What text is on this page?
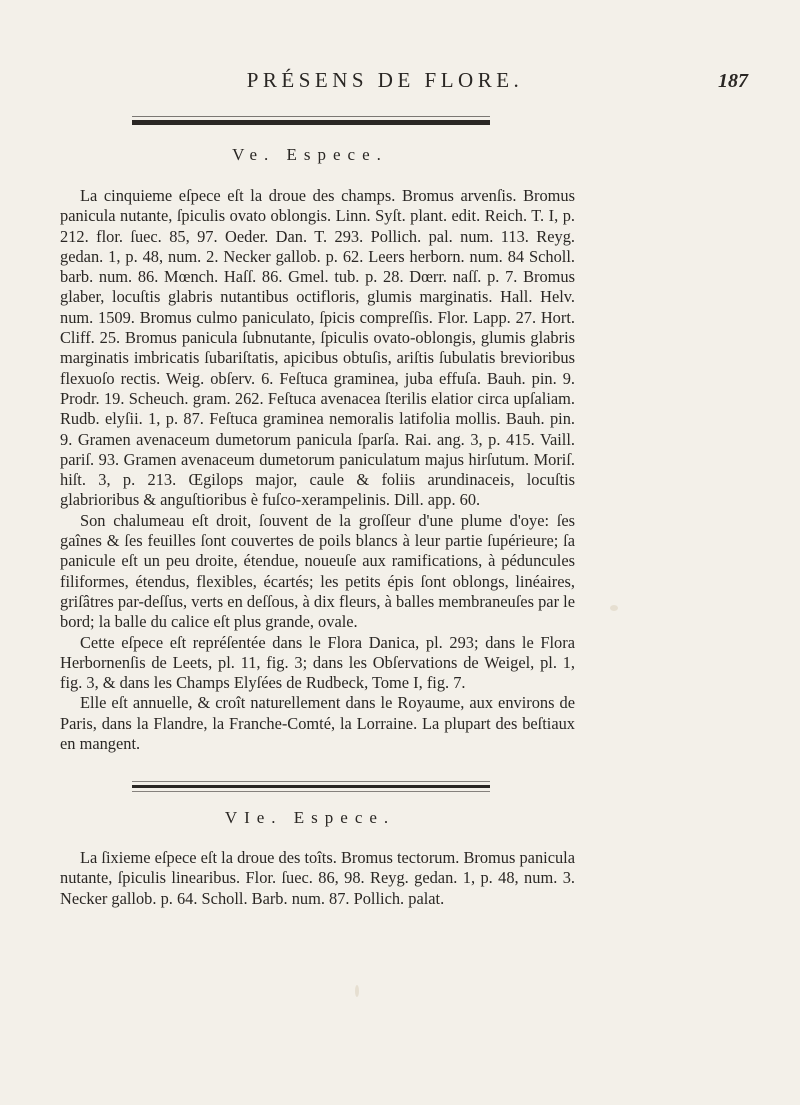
PRÉSENS DE FLORE.	187
Ve. Espece.

La cinquieme eſpece eſt la droue des champs. Bromus arvenſis. Bromus panicula nutante, ſpiculis ovato oblongis. Linn. Syſt. plant. edit. Reich. T. I, p. 212. flor. ſuec. 85, 97. Oeder. Dan. T. 293. Pollich. pal. num. 113. Reyg. gedan. 1, p. 48, num. 2. Necker gallob. p. 62. Leers herborn. num. 84 Scholl. barb. num. 86. Mœnch. Haſſ. 86. Gmel. tub. p. 28. Dœrr. naſſ. p. 7. Bromus glaber, locuſtis glabris nutantibus octifloris, glumis marginatis. Hall. Helv. num. 1509. Bromus culmo paniculato, ſpicis compreſſis. Flor. Lapp. 27. Hort. Cliff. 25. Bromus panicula ſubnutante, ſpiculis ovato-oblongis, glumis glabris marginatis imbricatis ſubariſtatis, apicibus obtuſis, ariſtis ſubulatis brevioribus flexuoſo rectis. Weig. obſerv. 6. Feſtuca graminea, juba effuſa. Bauh. pin. 9. Prodr. 19. Scheuch. gram. 262. Feſtuca avenacea ſterilis elatior circa upſaliam. Rudb. elyſii. 1, p. 87. Feſtuca graminea nemoralis latifolia mollis. Bauh. pin. 9. Gramen avenaceum dumetorum panicula ſparſa. Rai. ang. 3, p. 415. Vaill. pariſ. 93. Gramen avenaceum dumetorum paniculatum majus hirſutum. Moriſ. hiſt. 3, p. 213. Œgilops major, caule & foliis arundinaceis, locuſtis glabrioribus & anguſtioribus è fuſco-xerampelinis. Dill. app. 60.

Son chalumeau eſt droit, ſouvent de la groſſeur d'une plume d'oye: ſes gaînes & ſes feuilles ſont couvertes de poils blancs à leur partie ſupérieure; ſa panicule eſt un peu droite, étendue, noueuſe aux ramifications, à péduncules filiformes, étendus, flexibles, écartés; les petits épis ſont oblongs, linéaires, griſâtres par-deſſus, verts en deſſous, à dix fleurs, à balles membraneuſes par le bord; la balle du calice eſt plus grande, ovale.

Cette eſpece eſt repréſentée dans le Flora Danica, pl. 293; dans le Flora Herbornenſis de Leets, pl. 11, fig. 3; dans les Obſervations de Weigel, pl. 1, fig. 3, & dans les Champs Elyſées de Rudbeck, Tome I, fig. 7.

Elle eſt annuelle, & croît naturellement dans le Royaume, aux environs de Paris, dans la Flandre, la Franche-Comté, la Lorraine. La plupart des beſtiaux en mangent.

VIe. Espece.

La ſixieme eſpece eſt la droue des toîts. Bromus tectorum. Bromus panicula nutante, ſpiculis linearibus. Flor. ſuec. 86, 98. Reyg. gedan. 1, p. 48, num. 3. Necker gallob. p. 64. Scholl. Barb. num. 87. Pollich. palat.
